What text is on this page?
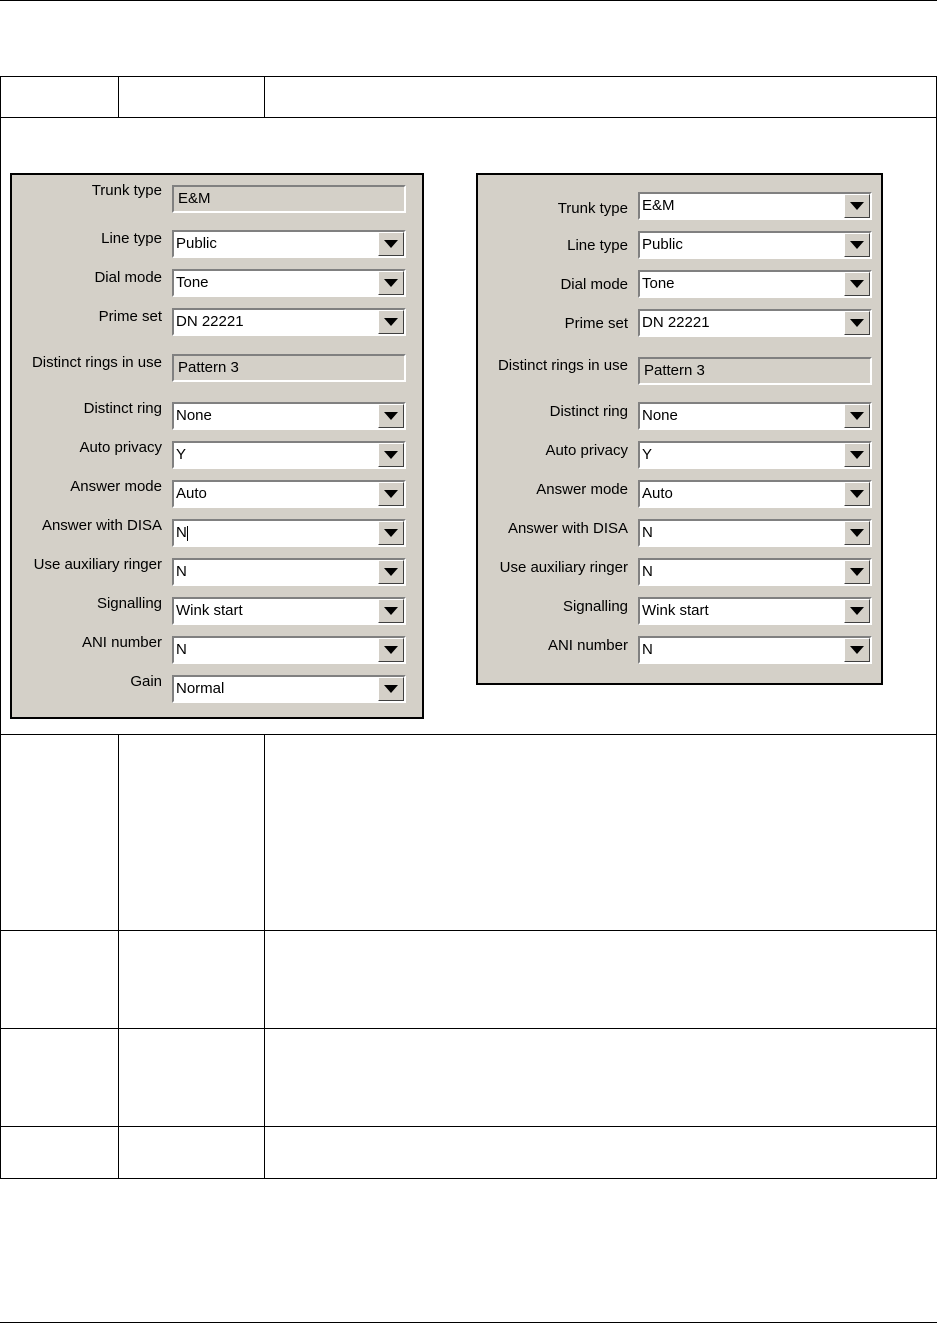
Trunk type E&M
Line type Public
Dial mode Tone
Prime set DN 22221
Distinct rings in use Pattern 3
Distinct ring None
Auto privacy Y
Answer mode Auto
Answer with DISA N
Use auxiliary ringer N
Signalling Wink start
ANI number N
Gain Normal
Trunk type E&M
Line type Public
Dial mode Tone
Prime set DN 22221
Distinct rings in use Pattern 3
Distinct ring None
Auto privacy Y
Answer mode Auto
Answer with DISA N
Use auxiliary ringer N
Signalling Wink start
ANI number N
